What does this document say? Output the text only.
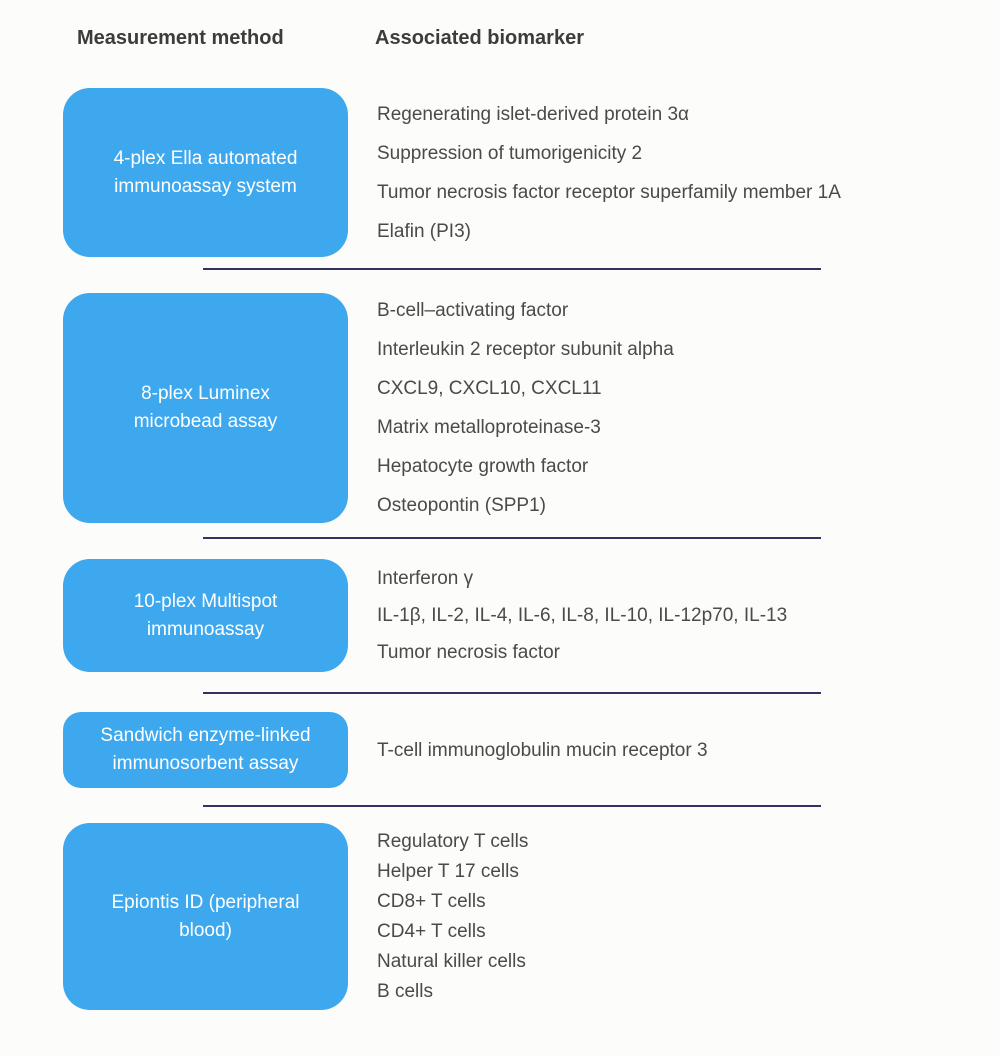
Measurement method	Associated biomarker
4-plex Ella automated
immunoassay system
Regenerating islet-derived protein 3α
Suppression of tumorigenicity 2
Tumor necrosis factor receptor superfamily member 1A
Elafin (PI3)
8-plex Luminex
microbead assay
B-cell–activating factor
Interleukin 2 receptor subunit alpha
CXCL9, CXCL10, CXCL11
Matrix metalloproteinase-3
Hepatocyte growth factor
Osteopontin (SPP1)
10-plex Multispot
immunoassay
Interferon γ
IL-1β, IL-2, IL-4, IL-6, IL-8, IL-10, IL-12p70, IL-13
Tumor necrosis factor
Sandwich enzyme-linked
immunosorbent assay
T-cell immunoglobulin mucin receptor 3
Epiontis ID (peripheral
blood)
Regulatory T cells
Helper T 17 cells
CD8+ T cells
CD4+ T cells
Natural killer cells
B cells
